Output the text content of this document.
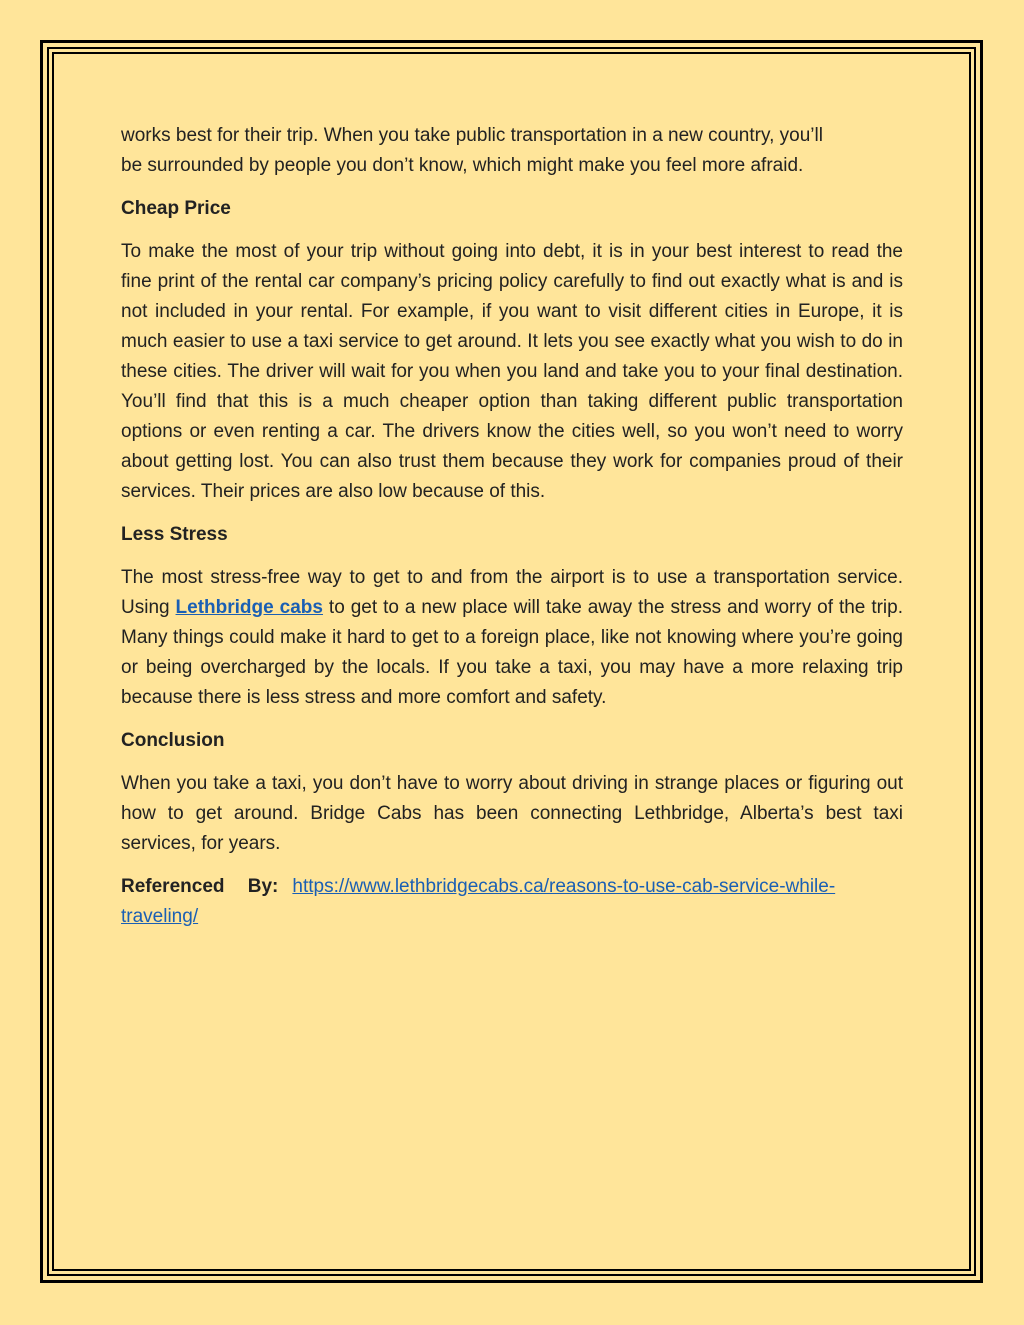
works best for their trip. When you take public transportation in a new country, you’ll
be surrounded by people you don’t know, which might make you feel more afraid.

Cheap Price

To make the most of your trip without going into debt, it is in your best interest to read the fine print of the rental car company’s pricing policy carefully to find out exactly what is and is not included in your rental. For example, if you want to visit different cities in Europe, it is much easier to use a taxi service to get around. It lets you see exactly what you wish to do in these cities. The driver will wait for you when you land and take you to your final destination. You’ll find that this is a much cheaper option than taking different public transportation options or even renting a car. The drivers know the cities well, so you won’t need to worry about getting lost. You can also trust them because they work for companies proud of their services. Their prices are also low because of this.

Less Stress

The most stress-free way to get to and from the airport is to use a transportation service. Using Lethbridge cabs to get to a new place will take away the stress and worry of the trip. Many things could make it hard to get to a foreign place, like not knowing where you’re going or being overcharged by the locals. If you take a taxi, you may have a more relaxing trip because there is less stress and more comfort and safety.

Conclusion

When you take a taxi, you don’t have to worry about driving in strange places or figuring out how to get around. Bridge Cabs has been connecting Lethbridge, Alberta’s best taxi services, for years.

Referenced By: https://www.lethbridgecabs.ca/reasons-to-use-cab-service-while-
traveling/
